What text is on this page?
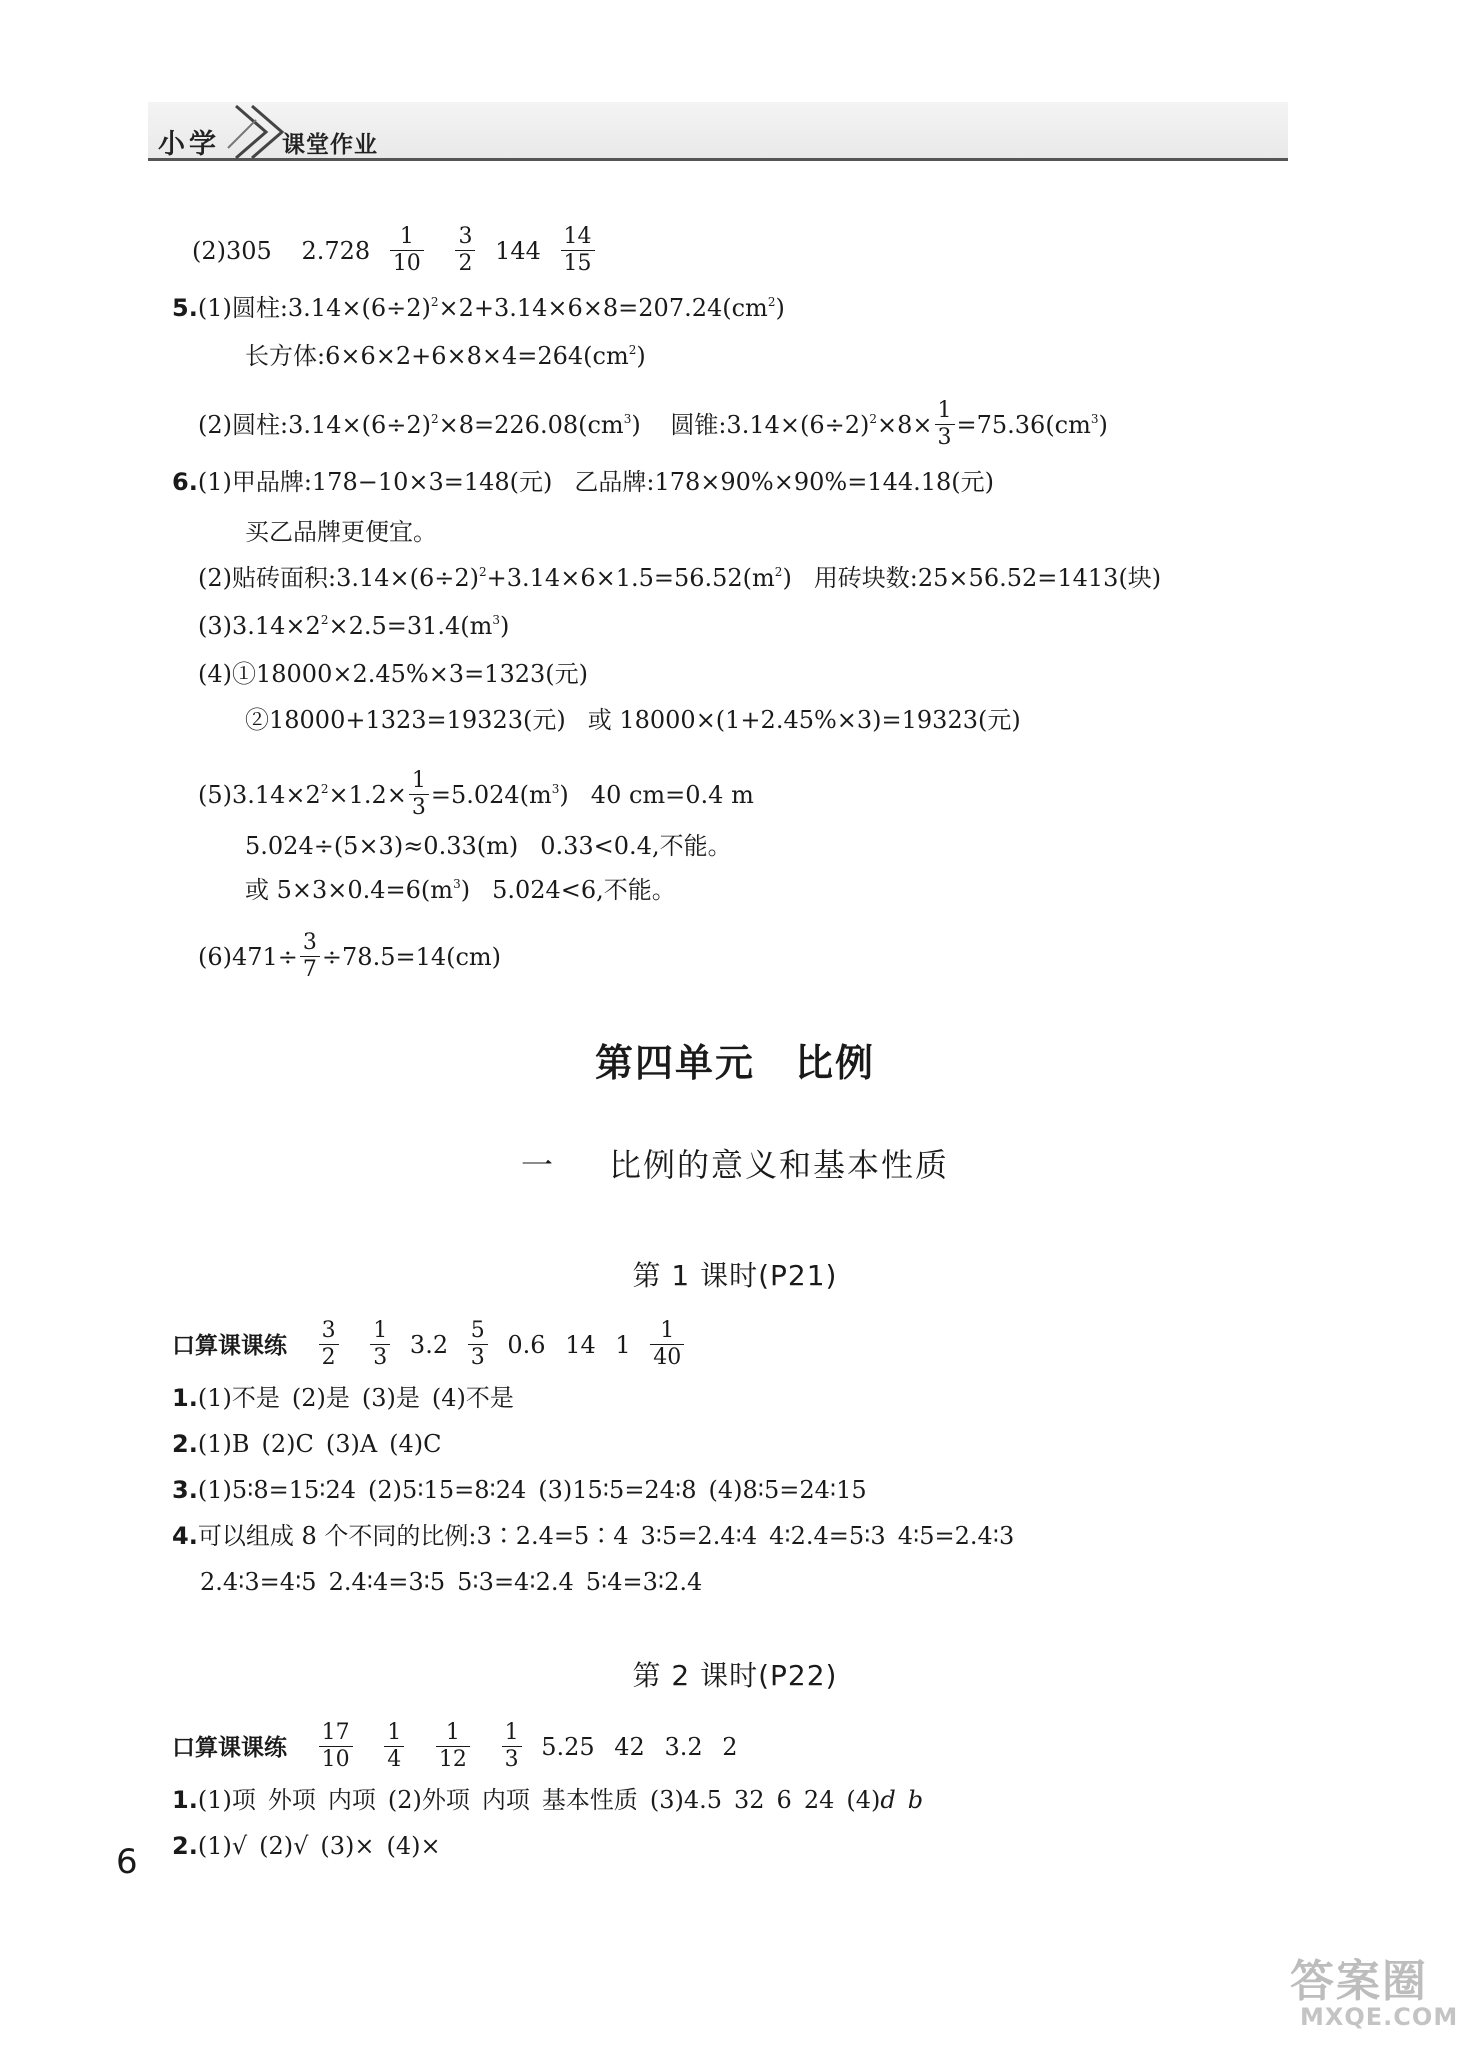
小学	课堂作业
(2)305 $2.728 \frac{1}{10}$
$\frac{3}{2} 144 \frac{14}{15}$
5.(1)圆柱$:3.14\times(6\div 2)^2\times 2+3.14\times 6\times 8=207.24(cm^2)$
长方体$:6\times 6\times 2+6\times 8\times 4=264(cm^2)$
(2)圆柱$:3.14\times(6\div 2)^2\times 8=226.08(cm^3)$ 圆锥$:3.14\times(6\div 2)^2\times 8\times \frac{1}{3} =75.36(cm^3)$
6.(1)甲品牌:178−10×3=148(元) 乙品牌:178×90%×90%=144.18(元)
买乙品牌更便宜。
(2)贴砖面积$:3.14\times(6\div 2)^2+3.14\times 6\times 1.5=56.52(m^2)$ 用砖块数:25×56.52=1413(块)
$(3)3.14\times 2^2\times 2.5=31.4(m^3)$
(4)①18000×2.45%×3=1323(元)
②18000+1323=19323(元) 或 18000×(1+2.45%×3)=19323(元)
$(5)3.14\times 2^2\times 1.2\times \frac{1}{3} =5.024(m^3)$ 40 cm=0.4 m
5.024÷(5×3)≈0.33(m) 0.33<0.4,不能。
或 $5\times 3\times 0.4=6(m^3)$ 5.024<6,不能。
$(6)471\div \frac{3}{7} \div 78.5=14(cm)$
第四单元　比例
一 比例的意义和基本性质
第 1 课时(P21)
口算课课练 $\frac{3}{2}$
$\frac{1}{3} 3.2 \frac{5}{3} 0.6$ 14 $1 \frac{1}{40}$
1.(1)不是 (2)是 (3)是 (4)不是
2.(1)B (2)C (3)A (4)C
3.(1)5∶8=15∶24 (2)5∶15=8∶24 (3)15∶5=24∶8 (4)8∶5=24∶15
4.可以组成 8 个不同的比例:3∶2.4=5∶4 3∶5=2.4∶4 4∶2.4=5∶3 4∶5=2.4∶3
2.4∶3=4∶5 2.4∶4=3∶5 5∶3=4∶2.4 5∶4=3∶2.4
第 2 课时(P22)
口算课课练 $\frac{17}{10}$
$\frac{1}{4}$
$\frac{1}{12}$
$\frac{1}{3} 5.25$ 42 3.2 2
1.(1)项 外项 内项 (2)外项 内项 基本性质 (3)4.5 32 6 24 (4)d b
2.(1)√ (2)√ (3)× (4)×
6
答案圈
MXQE.COM
